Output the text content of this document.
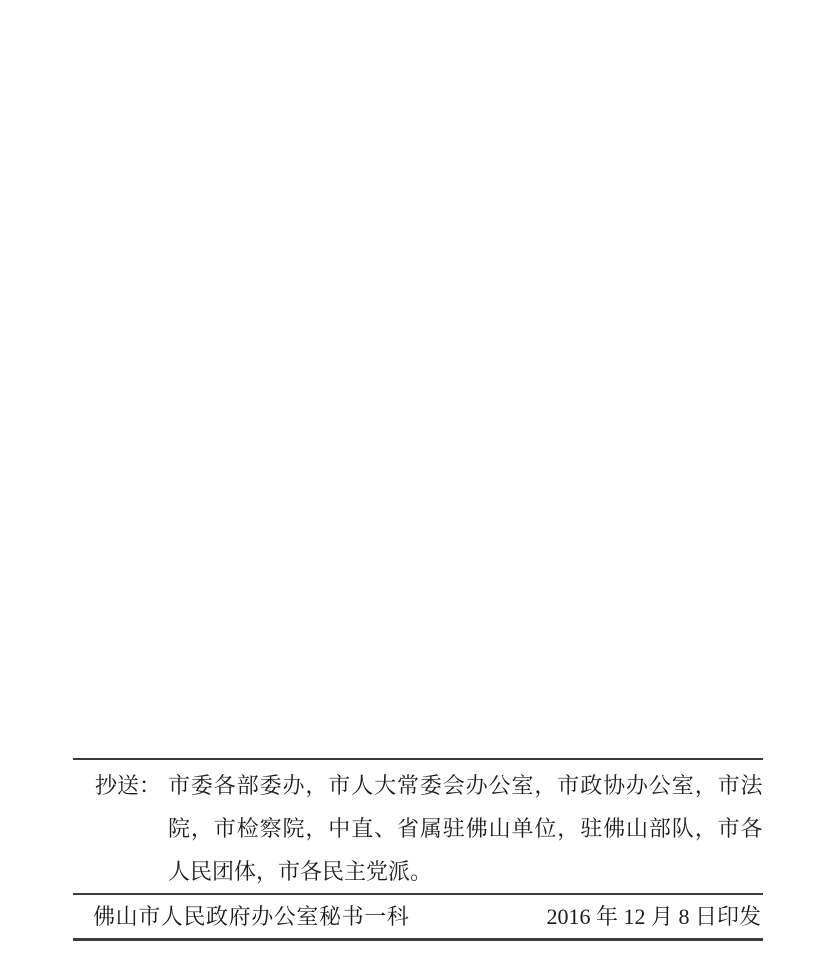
抄送： 市委各部委办，市人大常委会办公室，市政协办公室，市法
院，市检察院，中直、省属驻佛山单位，驻佛山部队，市各
人民团体，市各民主党派。
佛山市人民政府办公室秘书一科	2016 年 12 月 8 日印发
